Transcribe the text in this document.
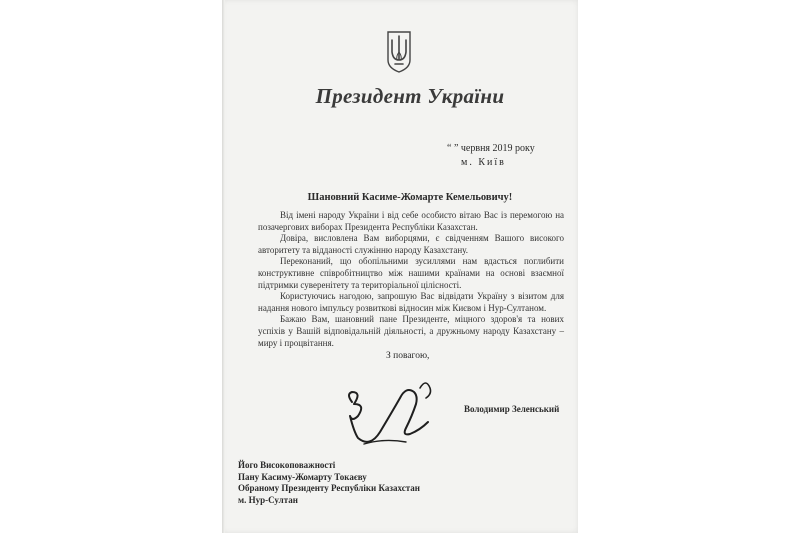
Президент України
“ ” червня 2019 року
м. Київ
Шановний Касиме-Жомарте Кемельовичу!

Від імені народу України і від себе особисто вітаю Вас із перемогою на позачергових виборах Президента Республіки Казахстан.

Довіра, висловлена Вам виборцями, є свідченням Вашого високого авторитету та відданості служінню народу Казахстану.

Переконаний, що обопільними зусиллями нам вдасться поглибити конструктивне співробітництво між нашими країнами на основі взаємної підтримки суверенітету та територіальної цілісності.

Користуючись нагодою, запрошую Вас відвідати Україну з візитом для надання нового імпульсу розвиткові відносин між Києвом і Нур-Султаном.

Бажаю Вам, шановний пане Президенте, міцного здоров'я та нових успіхів у Вашій відповідальній діяльності, а дружньому народу Казахстану – миру і процвітання.

З повагою,
Володимир Зеленський
Його Високоповажності
Пану Касиму-Жомарту Токаєву
Обраному Президенту Республіки Казахстан
м. Нур-Султан
